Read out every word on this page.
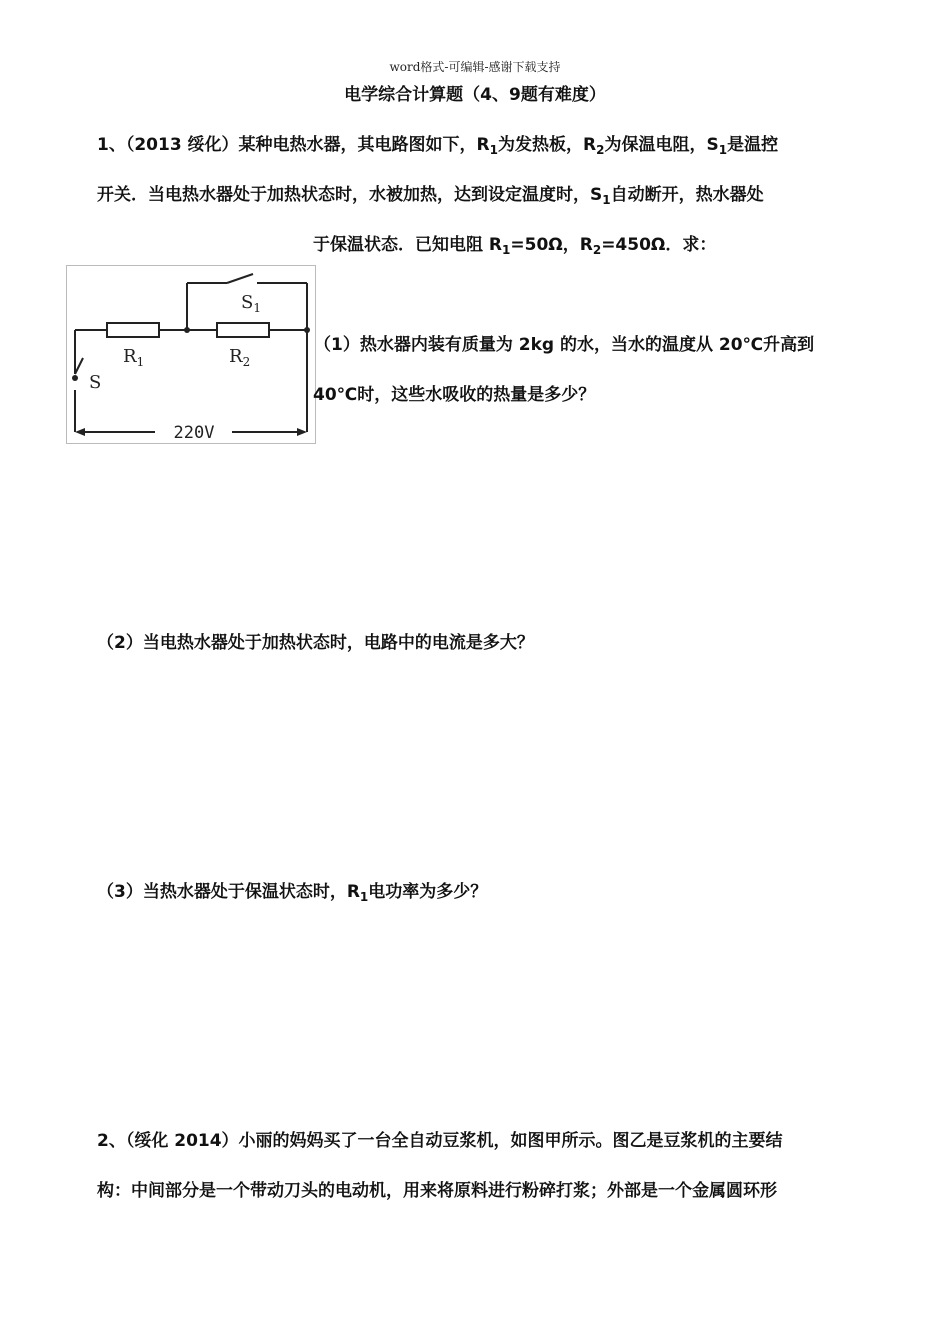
word格式-可编辑-感谢下载支持
电学综合计算题（4、9题有难度）
1、（2013 绥化）某种电热水器，其电路图如下，$R_1$为发热板，$R_2$为保温电阻，$S_1$是温控
开关．当电热水器处于加热状态时，水被加热，达到设定温度时，$S_1$自动断开，热水器处
于保温状态．已知电阻 $R_1=50\Omega$，$R_2=450\Omega$．求：
$S_1$
$R_1$	$R_2$
S
220V
（1）热水器内装有质量为 2kg 的水，当水的温度从 20℃升高到
40℃时，这些水吸收的热量是多少？
（2）当电热水器处于加热状态时，电路中的电流是多大？
（3）当热水器处于保温状态时，$R_1$电功率为多少？
2、（绥化 2014）小丽的妈妈买了一台全自动豆浆机，如图甲所示。图乙是豆浆机的主要结
构：中间部分是一个带动刀头的电动机，用来将原料进行粉碎打浆；外部是一个金属圆环形
